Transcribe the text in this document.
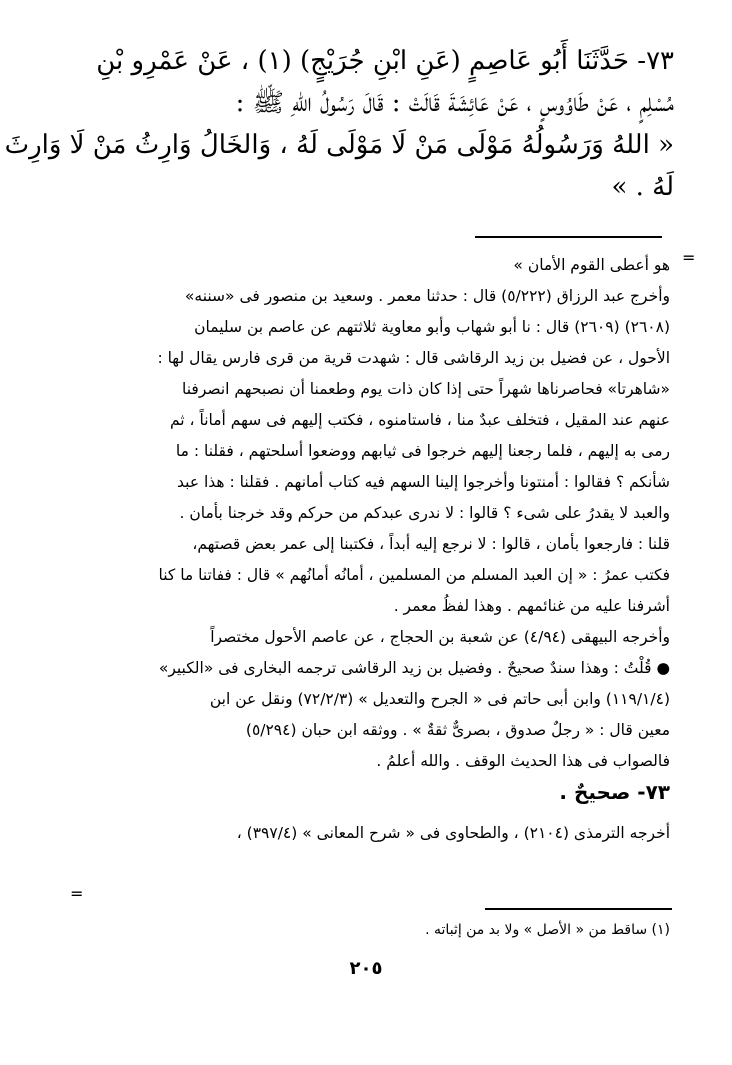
٧٣- حَدَّثَنَا أَبُو عَاصِمٍ (عَنِ ابْنِ جُرَيْجٍ) (١) ، عَنْ عَمْرِو بْنِ
مُسْلِمٍ ، عَنْ طَاوُوسٍ ، عَنْ عَائِشَةَ قَالَتْ : قَالَ رَسُولُ اللهِ ﷺ :
« اللهُ وَرَسُولُهُ مَوْلَى مَنْ لَا مَوْلَى لَهُ ، وَالخَالُ وَارِثُ مَنْ لَا وَارِثَ
لَهُ . »
=
هو أعطى القوم الأمان »
وأخرج عبد الرزاق (٥/٢٢٢) قال : حدثنا معمر . وسعيد بن منصور فى «سننه»
(٢٦٠٨) (٢٦٠٩) قال : نا أبو شهاب وأبو معاوية ثلاثتهم عن عاصم بن سليمان
الأحول ، عن فضيل بن زيد الرقاشى قال : شهدت قرية من قرى فارس يقال لها :
«شاهرتا» فحاصرناها شهراً حتى إذا كان ذات يوم وطعمنا أن نصبحهم انصرفنا
عنهم عند المقيل ، فتخلف عبدٌ منا ، فاستامنوه ، فكتب إليهم فى سهم أماناً ، ثم
رمى به إليهم ، فلما رجعنا إليهم خرجوا فى ثيابهم ووضعوا أسلحتهم ، فقلنا : ما
شأنكم ؟ فقالوا : أمنتونا وأخرجوا إلينا السهم فيه كتاب أمانهم . فقلنا : هذا عبد
والعبد لا يقدرُ على شىء ؟ قالوا : لا ندرى عبدكم من حركم وقد خرجنا بأمان .
قلنا : فارجعوا بأمان ، قالوا : لا نرجع إليه أبداً ، فكتبنا إلى عمر بعض قصتهم،
فكتب عمرُ : « إن العبد المسلم من المسلمين ، أمانُه أمانُهم » قال : ففاتنا ما كنا
أشرفنا عليه من غنائمهم . وهذا لفظُ معمر .
وأخرجه البيهقى (٤/٩٤) عن شعبة بن الحجاج ، عن عاصم الأحول مختصراً
● قُلْتُ : وهذا سندٌ صحيحٌ . وفضيل بن زيد الرقاشى ترجمه البخارى فى «الكبير»
(١١٩/١/٤) وابن أبى حاتم فى « الجرح والتعديل » (٧٢/٢/٣) ونقل عن ابن
معين قال : « رجلٌ صدوق ، بصرىٌّ ثقةٌ » . ووثقه ابن حبان (٥/٢٩٤)
فالصواب فى هذا الحديث الوقف . والله أعلمُ .
٧٣- صحيحٌ .
أخرجه الترمذى (٢١٠٤) ، والطحاوى فى « شرح المعانى » (٣٩٧/٤) ،
=
(١) ساقط من « الأصل » ولا بد من إثباته .
٢٠٥
